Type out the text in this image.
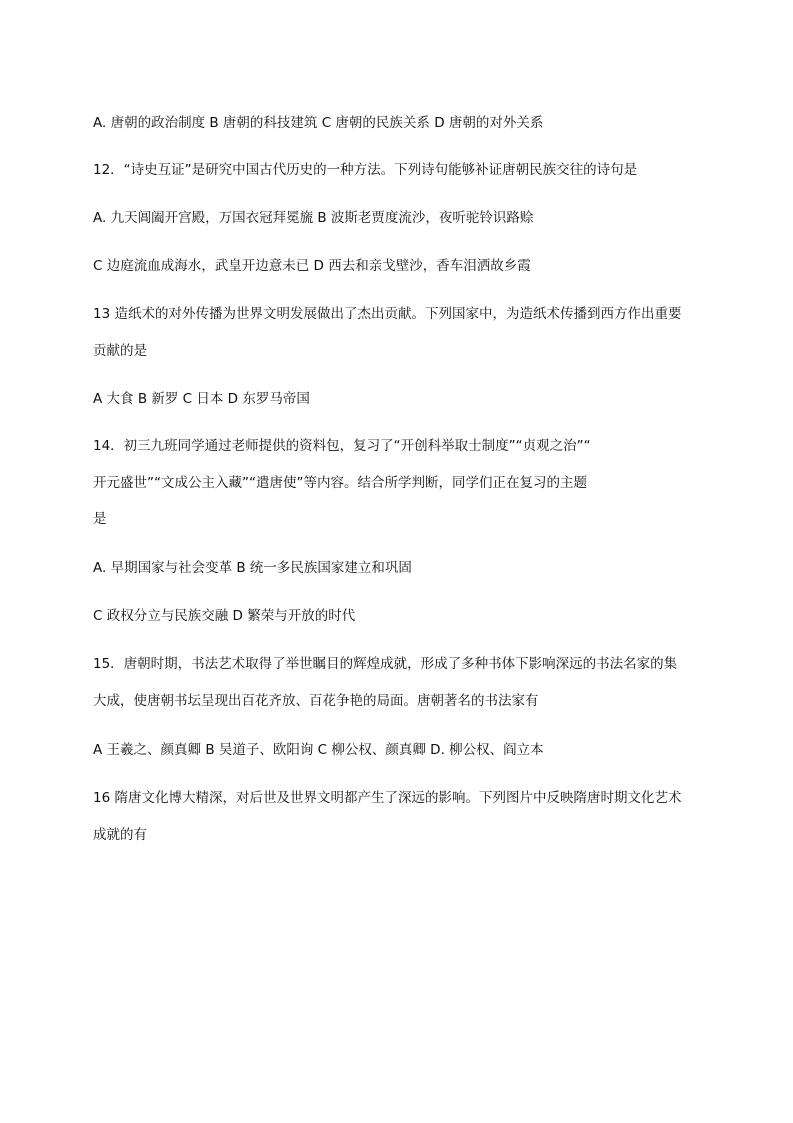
A. 唐朝的政治制度 B 唐朝的科技建筑 C 唐朝的民族关系 D 唐朝的对外关系
12．“诗史互证”是研究中国古代历史的一种方法。下列诗句能够补证唐朝民族交往的诗句是
A. 九天阊阖开宫殿，万国衣冠拜冕旒 B 波斯老贾度流沙，夜听驼铃识路赊
C 边庭流血成海水，武皇开边意未已 D 西去和亲戈壁沙，香车泪洒故乡霞
13 造纸术的对外传播为世界文明发展做出了杰出贡献。下列国家中，为造纸术传播到西方作出重要
贡献的是
A 大食 B 新罗 C 日本 D 东罗马帝国
14．初三九班同学通过老师提供的资料包，复习了“开创科举取士制度”“贞观之治”“
开元盛世”“文成公主入藏”“遣唐使”等内容。结合所学判断，同学们正在复习的主题
是
A. 早期国家与社会变革 B 统一多民族国家建立和巩固
C 政权分立与民族交融 D 繁荣与开放的时代
15．唐朝时期，书法艺术取得了举世瞩目的辉煌成就，形成了多种书体下影响深远的书法名家的集
大成，使唐朝书坛呈现出百花齐放、百花争艳的局面。唐朝著名的书法家有
A 王羲之、颜真卿 B 吴道子、欧阳询 C 柳公权、颜真卿 D. 柳公权、阎立本
16 隋唐文化博大精深，对后世及世界文明都产生了深远的影响。下列图片中反映隋唐时期文化艺术
成就的有
